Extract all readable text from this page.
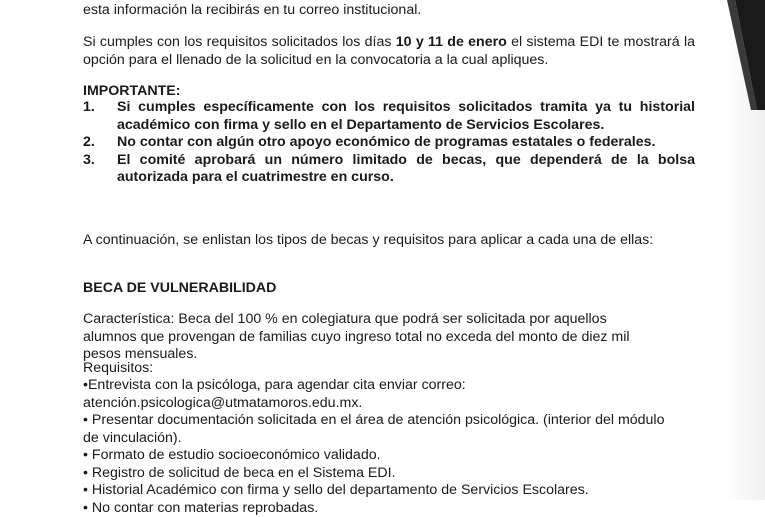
esta información la recibirás en tu correo institucional.
Si cumples con los requisitos solicitados los días 10 y 11 de enero el sistema EDI te mostrará la opción para el llenado de la solicitud en la convocatoria a la cual apliques.
IMPORTANTE:
1.	Si cumples específicamente con los requisitos solicitados tramita ya tu historial académico con firma y sello en el Departamento de Servicios Escolares.
2.	No contar con algún otro apoyo económico de programas estatales o federales.
3.	El comité aprobará un número limitado de becas, que dependerá de la bolsa autorizada para el cuatrimestre en curso.
A continuación, se enlistan los tipos de becas y requisitos para aplicar a cada una de ellas:
BECA DE VULNERABILIDAD
Característica: Beca del 100 % en colegiatura que podrá ser solicitada por aquellos alumnos que provengan de familias cuyo ingreso total no exceda del monto de diez mil pesos mensuales.
Requisitos:
•Entrevista con la psicóloga, para agendar cita enviar correo: atención.psicologica@utmatamoros.edu.mx.
• Presentar documentación solicitada en el área de atención psicológica. (interior del módulo de vinculación).
• Formato de estudio socioeconómico validado.
• Registro de solicitud de beca en el Sistema EDI.
• Historial Académico con firma y sello del departamento de Servicios Escolares.
• No contar con materias reprobadas.
